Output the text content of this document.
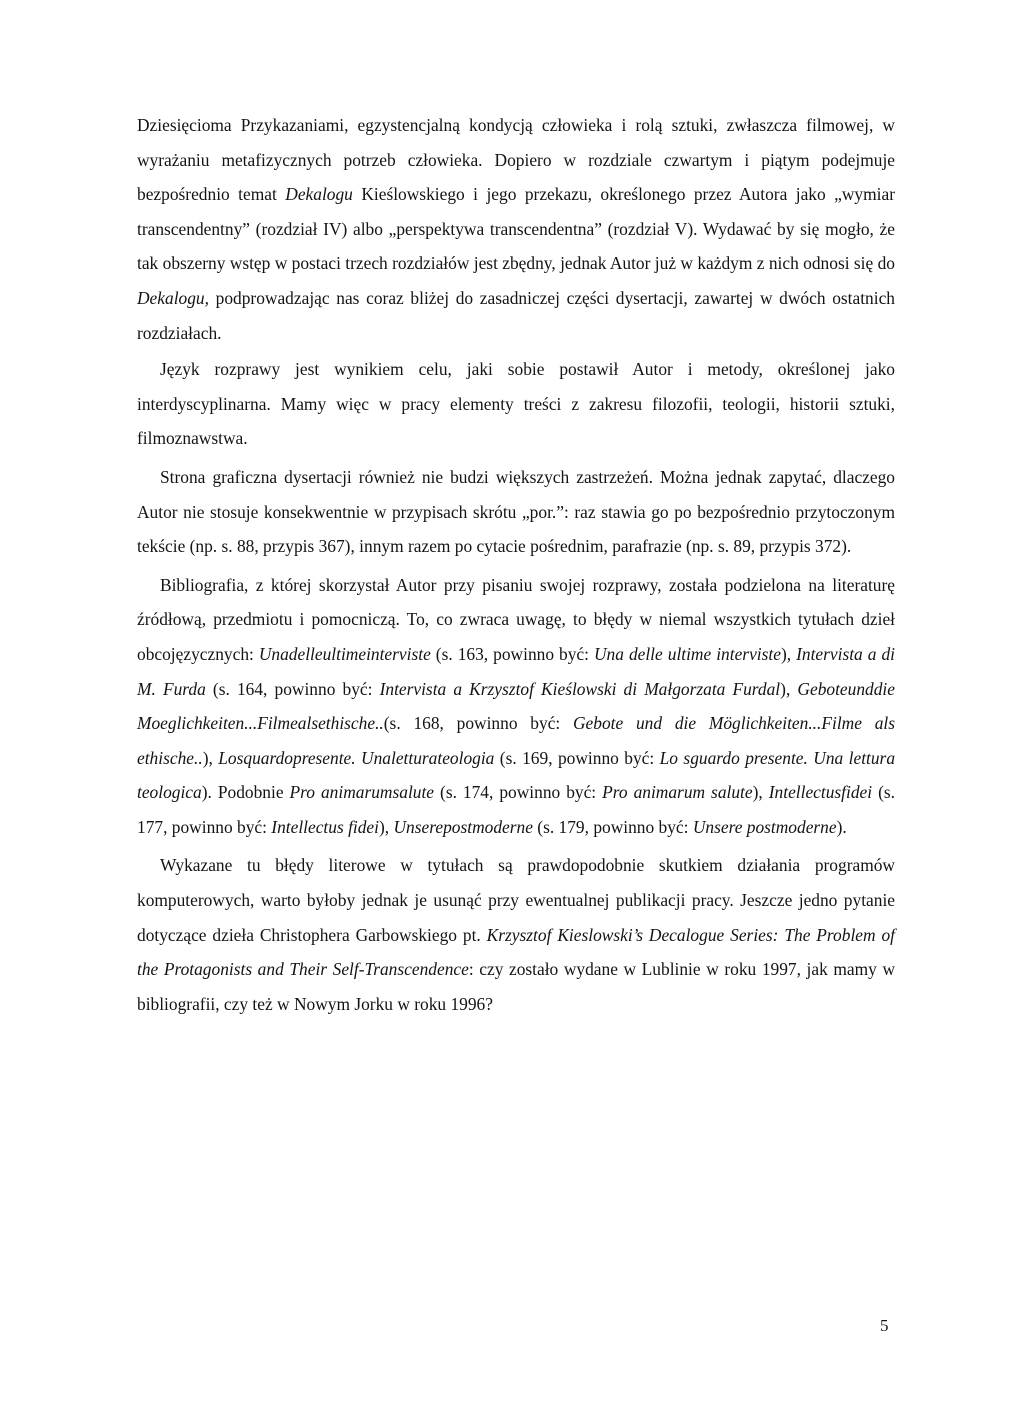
Dziesięcioma Przykazaniami, egzystencjalną kondycją człowieka i rolą sztuki, zwłaszcza filmowej, w wyrażaniu metafizycznych potrzeb człowieka. Dopiero w rozdziale czwartym i piątym podejmuje bezpośrednio temat Dekalogu Kieślowskiego i jego przekazu, określonego przez Autora jako „wymiar transcendentny” (rozdział IV) albo „perspektywa transcendentna” (rozdział V). Wydawać by się mogło, że tak obszerny wstęp w postaci trzech rozdziałów jest zbędny, jednak Autor już w każdym z nich odnosi się do Dekalogu, podprowadzając nas coraz bliżej do zasadniczej części dysertacji, zawartej w dwóch ostatnich rozdziałach.

Język rozprawy jest wynikiem celu, jaki sobie postawił Autor i metody, określonej jako interdyscyplinarna. Mamy więc w pracy elementy treści z zakresu filozofii, teologii, historii sztuki, filmoznawstwa.

Strona graficzna dysertacji również nie budzi większych zastrzeżeń. Można jednak zapytać, dlaczego Autor nie stosuje konsekwentnie w przypisach skrótu „por.”: raz stawia go po bezpośrednio przytoczonym tekście (np. s. 88, przypis 367), innym razem po cytacie pośrednim, parafrazie (np. s. 89, przypis 372).

Bibliografia, z której skorzystał Autor przy pisaniu swojej rozprawy, została podzielona na literaturę źródłową, przedmiotu i pomocniczą. To, co zwraca uwagę, to błędy w niemal wszystkich tytułach dzieł obcojęzycznych: Unadelleultimeinterviste (s. 163, powinno być: Una delle ultime interviste), Intervista a di M. Furda (s. 164, powinno być: Intervista a Krzysztof Kieślowski di Małgorzata Furdal), Geboteunddie Moeglichkeiten...Filmealsethische..(s. 168, powinno być: Gebote und die Möglichkeiten...Filme als ethische..), Losquardopresente. Unaletturateologia (s. 169, powinno być: Lo sguardo presente. Una lettura teologica). Podobnie Pro animarumsalute (s. 174, powinno być: Pro animarum salute), Intellectusfidei (s. 177, powinno być: Intellectus fidei), Unserepostmoderne (s. 179, powinno być: Unsere postmoderne).

Wykazane tu błędy literowe w tytułach są prawdopodobnie skutkiem działania programów komputerowych, warto byłoby jednak je usunąć przy ewentualnej publikacji pracy. Jeszcze jedno pytanie dotyczące dzieła Christophera Garbowskiego pt. Krzysztof Kieslowski’s Decalogue Series: The Problem of the Protagonists and Their Self-Transcendence: czy zostało wydane w Lublinie w roku 1997, jak mamy w bibliografii, czy też w Nowym Jorku w roku 1996?

5
